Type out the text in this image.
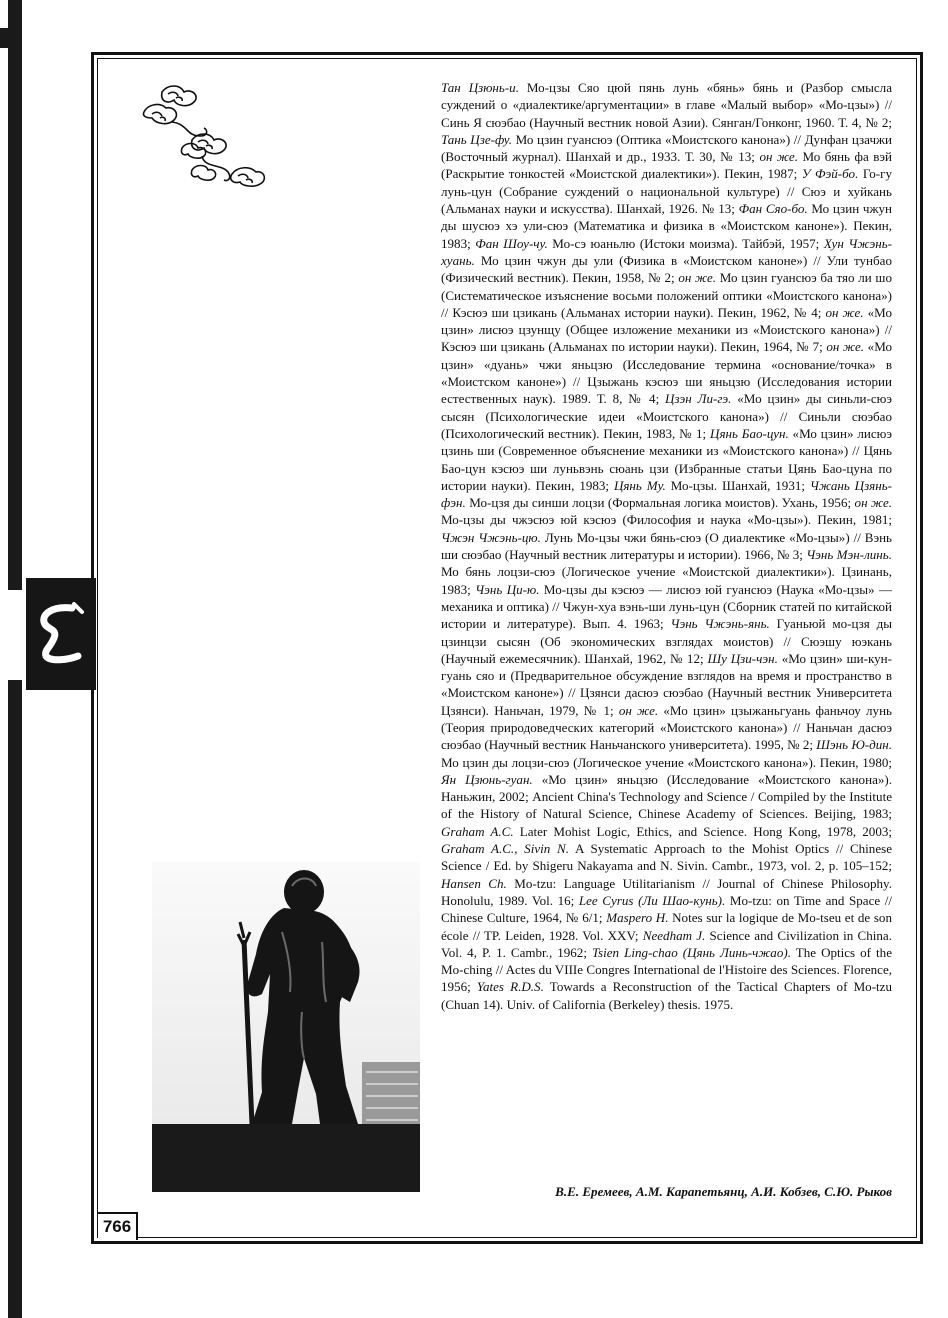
Тан Цзюнь-и. Мо-цзы Сяо цюй пянь лунь «бянь» бянь и (Разбор смысла суждений о «диалектике/аргументации» в главе «Малый выбор» «Мо-цзы») // Синь Я сюэбао (Научный вестник новой Азии). Сянган/Гонконг, 1960. Т. 4, № 2; Тань Цзе-фу. Мо цзин гуансюэ (Оптика «Моистского канона») // Дунфан цзачжи (Восточный журнал). Шанхай и др., 1933. Т. 30, № 13; он же. Мо бянь фа вэй (Раскрытие тонкостей «Моистской диалектики»). Пекин, 1987; У Фэй-бо. Го-гу лунь-цун (Собрание суждений о национальной культуре) // Сюэ и хуйкань (Альманах науки и искусства). Шанхай, 1926. № 13; Фан Сяо-бо. Мо цзин чжун ды шусюэ хэ ули-сюэ (Математика и физика в «Моистском каноне»). Пекин, 1983; Фан Шоу-чу. Мо-сэ юаньлю (Истоки моизма). Тайбэй, 1957; Хун Чжэнь-хуань. Мо цзин чжун ды ули (Физика в «Моистском каноне») // Ули тунбао (Физический вестник). Пекин, 1958, № 2; он же. Мо цзин гуансюэ ба тяо ли шо (Систематическое изъяснение восьми положений оптики «Моистского канона») // Кэсюэ ши цзикань (Альманах истории науки). Пекин, 1962, № 4; он же. «Мо цзин» лисюэ цзунщу (Общее изложение механики из «Моистского канона») // Кэсюэ ши цзикань (Альманах по истории науки). Пекин, 1964, № 7; он же. «Мо цзин» «дуань» чжи яньцзю (Исследование термина «основание/точка» в «Моистском каноне») // Цзыжань кэсюэ ши яньцзю (Исследования истории естественных наук). 1989. Т. 8, № 4; Цзэн Ли-гэ. «Мо цзин» ды синьли-сюэ сысян (Психологические идеи «Моистского канона») // Синьли сюэбао (Психологический вестник). Пекин, 1983, № 1; Цянь Бао-цун. «Мо цзин» лисюэ цзинь ши (Современное объяснение механики из «Моистского канона») // Цянь Бао-цун кэсюэ ши луньвэнь сюань цзи (Избранные статьи Цянь Бао-цуна по истории науки). Пекин, 1983; Цянь Му. Мо-цзы. Шанхай, 1931; Чжань Цзянь-фэн. Мо-цзя ды синши лоцзи (Формальная логика моистов). Ухань, 1956; он же. Мо-цзы ды чжэсюэ юй кэсюэ (Философия и наука «Мо-цзы»). Пекин, 1981; Чжэн Чжэнь-цю. Лунь Мо-цзы чжи бянь-сюэ (О диалектике «Мо-цзы») // Вэнь ши сюэбао (Научный вестник литературы и истории). 1966, № 3; Чэнь Мэн-линь. Мо бянь лоцзи-сюэ (Логическое учение «Моистской диалектики»). Цзинань, 1983; Чэнь Ци-ю. Мо-цзы ды кэсюэ — лисюэ юй гуансюэ (Наука «Мо-цзы» — механика и оптика) // Чжун-хуа вэнь-ши лунь-цун (Сборник статей по китайской истории и литературе). Вып. 4. 1963; Чэнь Чжэнь-янь. Гуаньюй мо-цзя ды цзинцзи сысян (Об экономических взглядах моистов) // Сюэшу юэкань (Научный ежемесячник). Шанхай, 1962, № 12; Шу Цзи-чэн. «Мо цзин» ши-кун-гуань сяо и (Предварительное обсуждение взглядов на время и пространство в «Моистском каноне») // Цзянси дасюэ сюэбао (Научный вестник Университета Цзянси). Наньчан, 1979, № 1; он же. «Мо цзин» цзыжаньгуань фаньчоу лунь (Теория природоведческих категорий «Моистского канона») // Наньчан дасюэ сюэбао (Научный вестник Наньчанского университета). 1995, № 2; Шэнь Ю-дин. Мо цзин ды лоцзи-сюэ (Логическое учение «Моистского канона»). Пекин, 1980; Ян Цзюнь-гуан. «Мо цзин» яньцзю (Исследование «Моистского канона»). Наньжин, 2002; Ancient China's Technology and Science / Compiled by the Institute of the History of Natural Science, Chinese Academy of Sciences. Beijing, 1983; Graham A.C. Later Mohist Logic, Ethics, and Science. Hong Kong, 1978, 2003; Graham A.C., Sivin N. A Systematic Approach to the Mohist Optics // Chinese Science / Ed. by Shigeru Nakayama and N. Sivin. Cambr., 1973, vol. 2, p. 105–152; Hansen Ch. Mo-tzu: Language Utilitarianism // Journal of Chinese Philosophy. Honolulu, 1989. Vol. 16; Lee Cyrus (Ли Шао-кунь). Mo-tzu: on Time and Space // Chinese Culture, 1964, № 6/1; Maspero H. Notes sur la logique de Mo-tseu et de son école // TP. Leiden, 1928. Vol. XXV; Needham J. Science and Civilization in China. Vol. 4, P. 1. Cambr., 1962; Tsien Ling-chao (Цянь Линь-чжао). The Optics of the Mo-ching // Actes du VIIIe Congres International de l'Histoire des Sciences. Florence, 1956; Yates R.D.S. Towards a Reconstruction of the Tactical Chapters of Mo-tzu (Chuan 14). Univ. of California (Berkeley) thesis. 1975.
В.Е. Еремеев, А.М. Карапетьянц, А.И. Кобзев, С.Ю. Рыков
766
